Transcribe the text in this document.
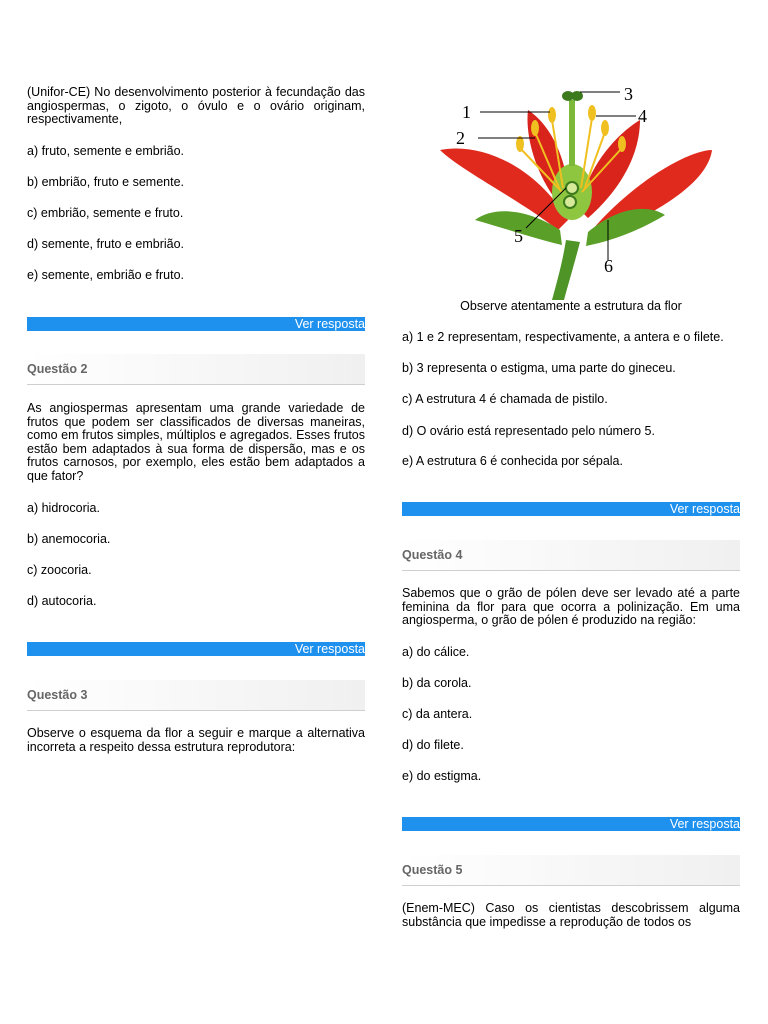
(Unifor-CE) No desenvolvimento posterior à fecundação das angiospermas, o zigoto, o óvulo e o ovário originam, respectivamente,
a) fruto, semente e embrião.
b) embrião, fruto e semente.
c) embrião, semente e fruto.
d) semente, fruto e embrião.
e) semente, embrião e fruto.
Ver resposta
Questão 2
As angiospermas apresentam uma grande variedade de frutos que podem ser classificados de diversas maneiras, como em frutos simples, múltiplos e agregados. Esses frutos estão bem adaptados à sua forma de dispersão, mas e os frutos carnosos, por exemplo, eles estão bem adaptados a que fator?
a) hidrocoria.
b) anemocoria.
c) zoocoria.
d) autocoria.
Ver resposta
Questão 3
Observe o esquema da flor a seguir e marque a alternativa incorreta a respeito dessa estrutura reprodutora:
1
2
3
4
5
6
Observe atentamente a estrutura da flor
a) 1 e 2 representam, respectivamente, a antera e o filete.
b) 3 representa o estigma, uma parte do gineceu.
c) A estrutura 4 é chamada de pistilo.
d) O ovário está representado pelo número 5.
e) A estrutura 6 é conhecida por sépala.
Ver resposta
Questão 4
Sabemos que o grão de pólen deve ser levado até a parte feminina da flor para que ocorra a polinização. Em uma angiosperma, o grão de pólen é produzido na região:
a) do cálice.
b) da corola.
c) da antera.
d) do filete.
e) do estigma.
Ver resposta
Questão 5
(Enem-MEC) Caso os cientistas descobrissem alguma substância que impedisse a reprodução de todos os
